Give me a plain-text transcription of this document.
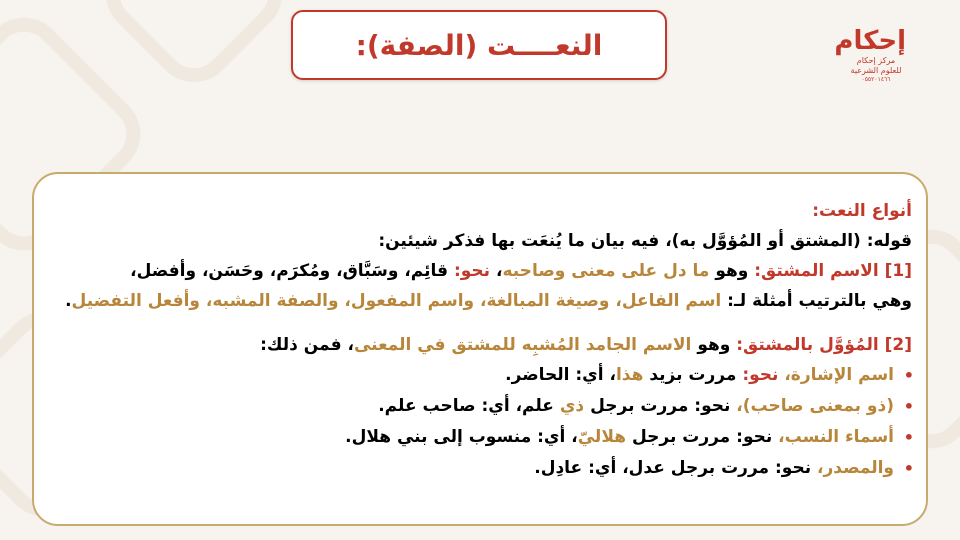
النعــــت (الصفة):	إحكام
مركز إحكام للعلوم الشرعية
٠٥٥٢٠١٤٦٦
أنواع النعت:
قوله: (المشتق أو المُؤوَّل به)، فيه بيان ما يُنعَت بها فذكر شيئين:
[1] الاسم المشتق: وهو ما دل على معنى وصاحبه، نحو: قائِم، وسَبَّاق، ومُكرَم، وحَسَن، وأفضل،
وهي بالترتيب أمثلة لـ: اسم الفاعل، وصيغة المبالغة، واسم المفعول، والصفة المشبه، وأفعل التفضيل.
[2] المُؤوَّل بالمشتق: وهو الاسم الجامد المُشبِه للمشتق في المعنى، فمن ذلك:
•
اسم الإشارة، نحو: مررت بزيد هذا، أي: الحاضر.
•
(ذو بمعنى صاحب)، نحو: مررت برجل ذي علم، أي: صاحب علم.
•
أسماء النسب، نحو: مررت برجل هلاليّ، أي: منسوب إلى بني هلال.
•
والمصدر، نحو: مررت برجل عدل، أي: عادِل.
